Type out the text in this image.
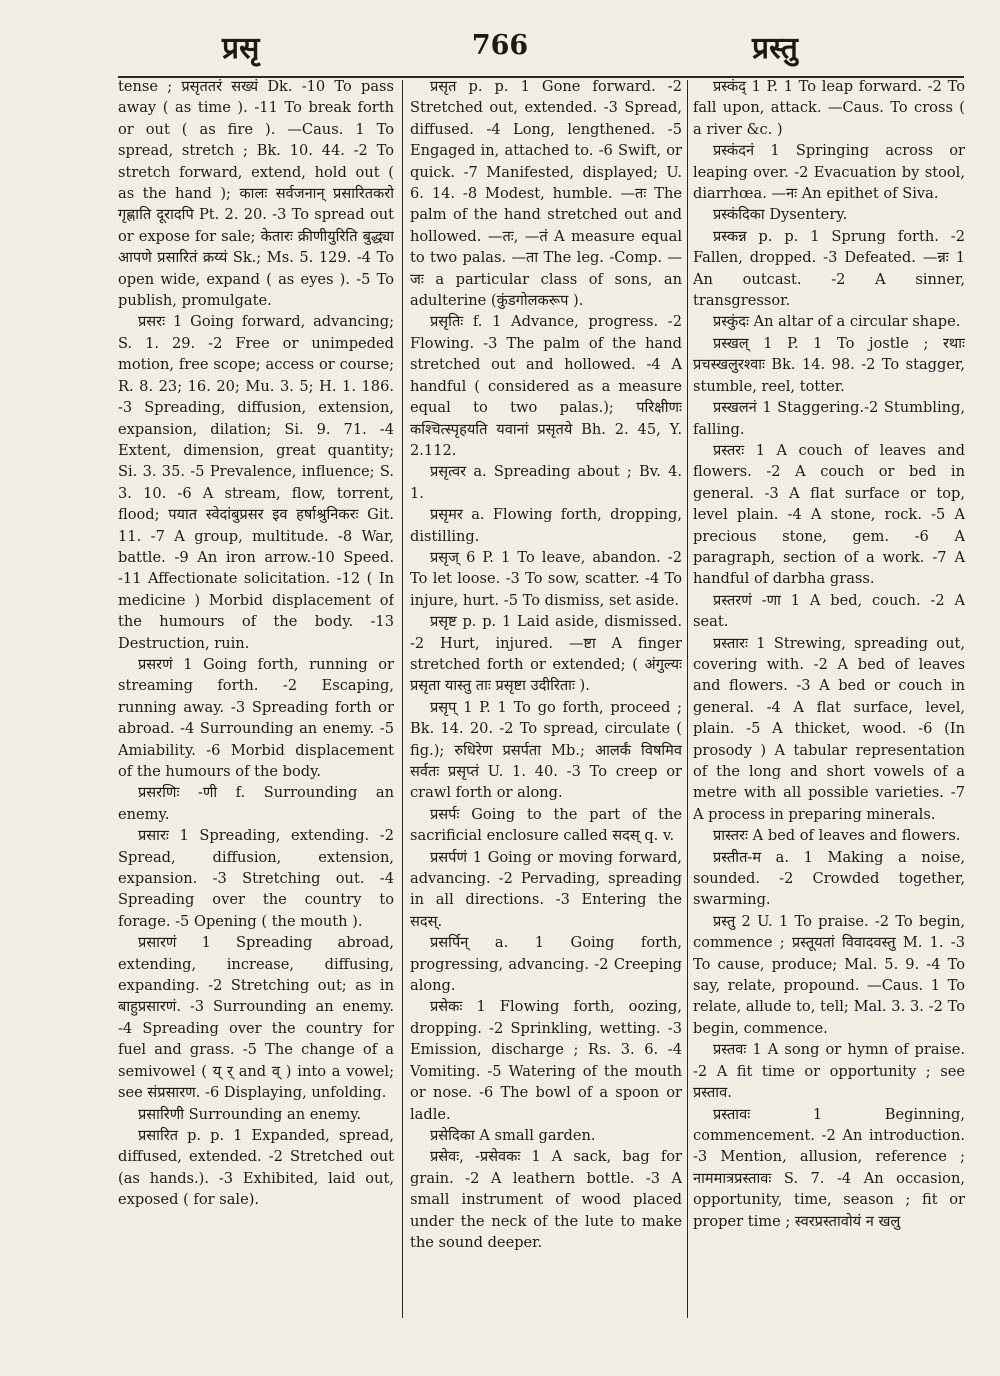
प्रसृ	766	प्रस्तु

tense ; प्रसृततरं सख्यं Dk. -10 To pass away ( as time ). -11 To break forth or out ( as fire ). —Caus. 1 To spread, stretch ; Bk. 10. 44. -2 To stretch forward, extend, hold out ( as the hand ); कालः सर्वजनान् प्रसारितकरो गृह्णाति दूरादपि Pt. 2. 20. -3 To spread out or expose for sale; केतारः क्रीणीयुरिति बुद्ध्या आपणे प्रसारितं क्रय्यं Sk.; Ms. 5. 129. -4 To open wide, expand ( as eyes ). -5 To publish, promulgate.

प्रसरः 1 Going forward, advancing; S. 1. 29. -2 Free or unimpeded motion, free scope; access or course; R. 8. 23; 16. 20; Mu. 3. 5; H. 1. 186. -3 Spreading, diffusion, extension, expansion, dilation; Si. 9. 71. -4 Extent, dimension, great quantity; Si. 3. 35. -5 Prevalence, influence; S. 3. 10. -6 A stream, flow, torrent, flood; पयात स्वेदांबुप्रसर इव हर्षाश्रुनिकरः Git. 11. -7 A group, multitude. -8 War, battle. -9 An iron arrow.-10 Speed. -11 Affectionate solicitation. -12 ( In medicine ) Morbid displacement of the humours of the body. -13 Destruction, ruin.

प्रसरणं 1 Going forth, running or streaming forth. -2 Escaping, running away. -3 Spreading forth or abroad. -4 Surrounding an enemy. -5 Amiability. -6 Morbid displacement of the humours of the body.

प्रसरणिः -णी f. Surrounding an enemy.

प्रसारः 1 Spreading, extending. -2 Spread, diffusion, extension, expansion. -3 Stretching out. -4 Spreading over the country to forage. -5 Opening ( the mouth ).

प्रसारणं 1 Spreading abroad, extending, increase, diffusing, expanding. -2 Stretching out; as in बाहुप्रसारणं. -3 Surrounding an enemy. -4 Spreading over the country for fuel and grass. -5 The change of a semivowel ( य् र् and व् ) into a vowel; see संप्रसारण. -6 Displaying, unfolding.

प्रसारिणी Surrounding an enemy.

प्रसारित p. p. 1 Expanded, spread, diffused, extended. -2 Stretched out (as hands.). -3 Exhibited, laid out, exposed ( for sale).

प्रसृत p. p. 1 Gone forward. -2 Stretched out, extended. -3 Spread, diffused. -4 Long, lengthened. -5 Engaged in, attached to. -6 Swift, or quick. -7 Manifested, displayed; U. 6. 14. -8 Modest, humble. —तः The palm of the hand stretched out and hollowed. —तः, —तं A measure equal to two palas. —ता The leg. -Comp. —जः a particular class of sons, an adulterine (कुंडगोलकरूप ).

प्रसृतिः f. 1 Advance, progress. -2 Flowing. -3 The palm of the hand stretched out and hollowed. -4 A handful ( considered as a measure equal to two palas.); परिक्षीणः कश्चित्स्पृहयति यवानां प्रसृतये Bh. 2. 45, Y. 2.112.

प्रसृत्वर a. Spreading about ; Bv. 4. 1.

प्रसृमर a. Flowing forth, dropping, distilling.

प्रसृज् 6 P. 1 To leave, abandon. -2 To let loose. -3 To sow, scatter. -4 To injure, hurt. -5 To dismiss, set aside.

प्रसृष्ट p. p. 1 Laid aside, dismissed. -2 Hurt, injured. —ष्टा A finger stretched forth or extended; ( अंगुल्यः प्रसृता यास्तु ताः प्रसृष्टा उदीरिताः ).

प्रसृप् 1 P. 1 To go forth, proceed ; Bk. 14. 20. -2 To spread, circulate ( fig.); रुधिरेण प्रसर्पता Mb.; आलर्कं विषमिव सर्वतः प्रसृप्तं U. 1. 40. -3 To creep or crawl forth or along.

प्रसर्पः Going to the part of the sacrificial enclosure called सदस् q. v.

प्रसर्पणं 1 Going or moving forward, advancing. -2 Pervading, spreading in all directions. -3 Entering the सदस्.

प्रसर्पिन् a. 1 Going forth, progressing, advancing. -2 Creeping along.

प्रसेकः 1 Flowing forth, oozing, dropping. -2 Sprinkling, wetting. -3 Emission, discharge ; Rs. 3. 6. -4 Vomiting. -5 Watering of the mouth or nose. -6 The bowl of a spoon or ladle.

प्रसेदिका A small garden.

प्रसेवः, -प्रसेवकः 1 A sack, bag for grain. -2 A leathern bottle. -3 A small instrument of wood placed under the neck of the lute to make the sound deeper.

प्रस्कंद् 1 P. 1 To leap forward. -2 To fall upon, attack. —Caus. To cross ( a river &c. )

प्रस्कंदनं 1 Springing across or leaping over. -2 Evacuation by stool, diarrhœa. —नः An epithet of Siva.

प्रस्कंदिका Dysentery.

प्रस्कन्न p. p. 1 Sprung forth. -2 Fallen, dropped. -3 Defeated. —न्नः 1 An outcast. -2 A sinner, transgressor.

प्रस्कुंदः An altar of a circular shape.

प्रस्खल् 1 P. 1 To jostle ; रथाः प्रचस्खलुरश्वाः Bk. 14. 98. -2 To stagger, stumble, reel, totter.

प्रस्खलनं 1 Staggering.-2 Stumbling, falling.

प्रस्तरः 1 A couch of leaves and flowers. -2 A couch or bed in general. -3 A flat surface or top, level plain. -4 A stone, rock. -5 A precious stone, gem. -6 A paragraph, section of a work. -7 A handful of darbha grass.

प्रस्तरणं -णा 1 A bed, couch. -2 A seat.

प्रस्तारः 1 Strewing, spreading out, covering with. -2 A bed of leaves and flowers. -3 A bed or couch in general. -4 A flat surface, level, plain. -5 A thicket, wood. -6 (In prosody ) A tabular representation of the long and short vowels of a metre with all possible varieties. -7 A process in preparing minerals.

प्रास्तरः A bed of leaves and flowers.

प्रस्तीत-म a. 1 Making a noise, sounded. -2 Crowded together, swarming.

प्रस्तु 2 U. 1 To praise. -2 To begin, commence ; प्रस्तूयतां विवादवस्तु M. 1. -3 To cause, produce; Mal. 5. 9. -4 To say, relate, propound. —Caus. 1 To relate, allude to, tell; Mal. 3. 3. -2 To begin, commence.

प्रस्तवः 1 A song or hymn of praise. -2 A fit time or opportunity ; see प्रस्ताव.

प्रस्तावः 1 Beginning, commencement. -2 An introduction. -3 Mention, allusion, reference ; नाममात्रप्रस्तावः S. 7. -4 An occasion, opportunity, time, season ; fit or proper time ; स्वरप्रस्तावोयं न खलु
